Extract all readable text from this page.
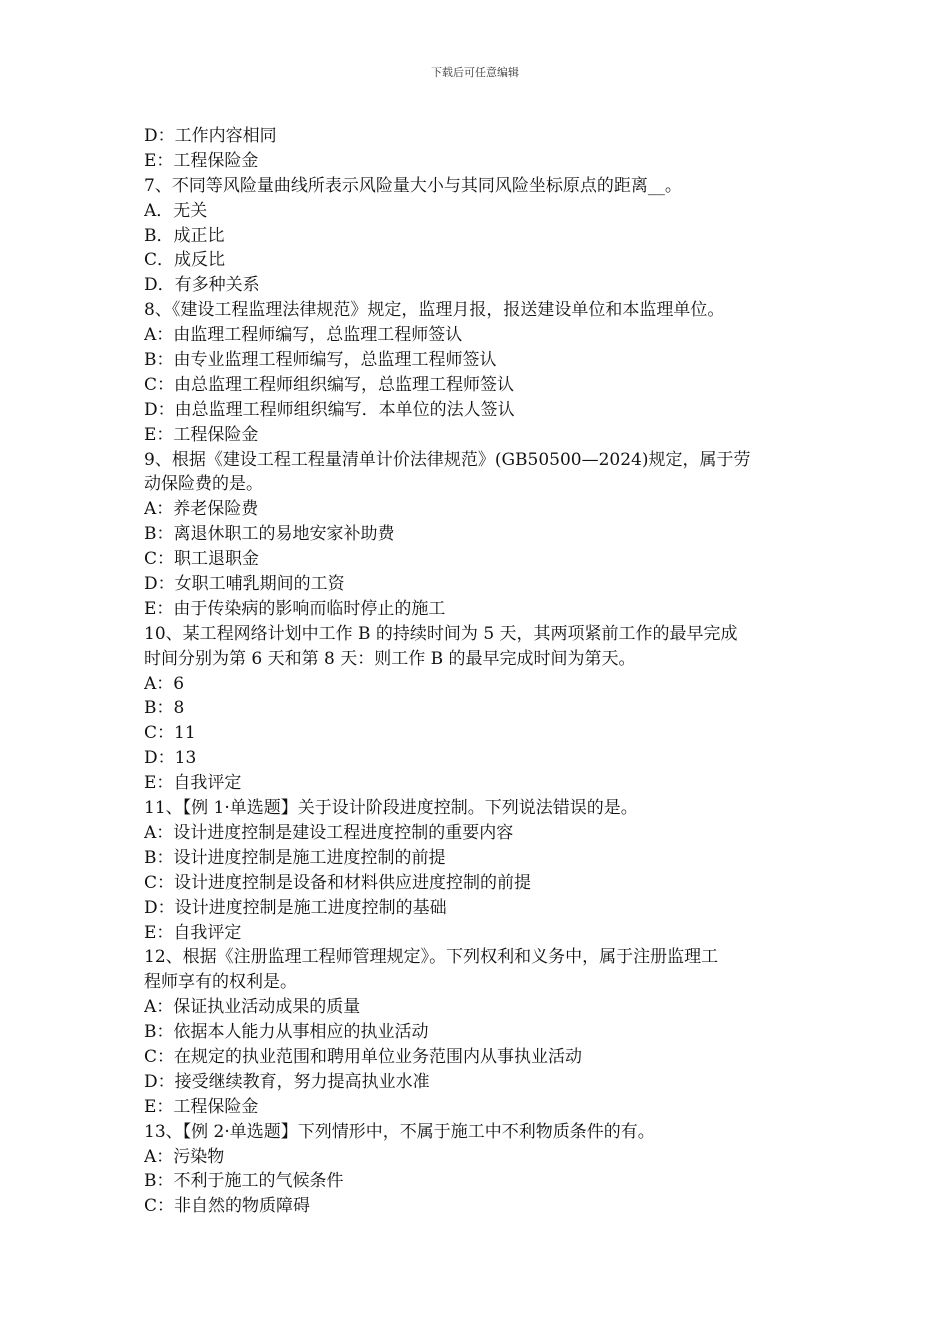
下载后可任意编辑
D：工作内容相同
E：工程保险金
7、不同等风险量曲线所表示风险量大小与其同风险坐标原点的距离__。
A．无关
B．成正比
C．成反比
D．有多种关系
8、《建设工程监理法律规范》规定，监理月报，报送建设单位和本监理单位。
A：由监理工程师编写，总监理工程师签认
B：由专业监理工程师编写，总监理工程师签认
C：由总监理工程师组织编写，总监理工程师签认
D：由总监理工程师组织编写．本单位的法人签认
E：工程保险金
9、根据《建设工程工程量清单计价法律规范》(GB50500—2024)规定，属于劳
动保险费的是。
A：养老保险费
B：离退休职工的易地安家补助费
C：职工退职金
D：女职工哺乳期间的工资
E：由于传染病的影响而临时停止的施工
10、某工程网络计划中工作 B 的持续时间为 5 天，其两项紧前工作的最早完成
时间分别为第 6 天和第 8 天：则工作 B 的最早完成时间为第天。
A：6
B：8
C：11
D：13
E：自我评定
11、【例 1·单选题】关于设计阶段进度控制。下列说法错误的是。
A：设计进度控制是建设工程进度控制的重要内容
B：设计进度控制是施工进度控制的前提
C：设计进度控制是设备和材料供应进度控制的前提
D：设计进度控制是施工进度控制的基础
E：自我评定
12、根据《注册监理工程师管理规定》。下列权利和义务中，属于注册监理工
程师享有的权利是。
A：保证执业活动成果的质量
B：依据本人能力从事相应的执业活动
C：在规定的执业范围和聘用单位业务范围内从事执业活动
D：接受继续教育，努力提高执业水准
E：工程保险金
13、【例 2·单选题】下列情形中，不属于施工中不利物质条件的有。
A：污染物
B：不利于施工的气候条件
C：非自然的物质障碍
